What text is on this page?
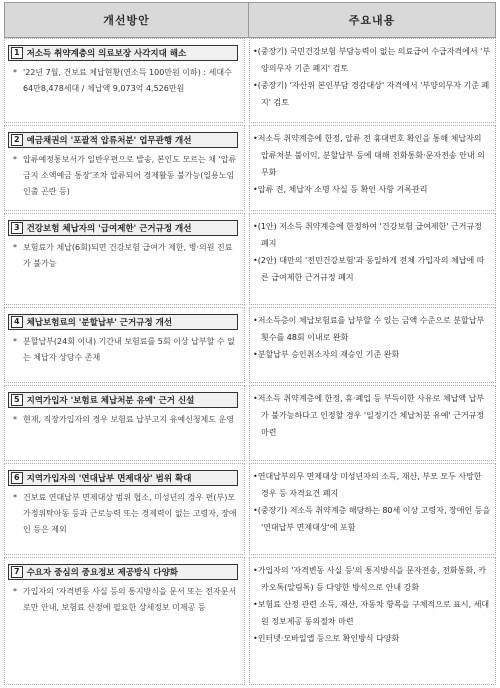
개선방안	주요내용
1 저소득 취약계층의 의료보장 사각지대 해소
* '22년 7월, 건보료 체납현황(연소득 100만원 이하) : 세대수 64만8,478세대 / 체납액 9,073억 4,526만원
•(중장기) 국민건강보험 부담능력이 없는 의료급여 수급자격에서 '부양의무자 기준 폐지' 검토
•(중장기) '자산위 본인부담 경감대상' 자격에서 '부양의무자 기준 폐지' 검토
2 예금채권의 '포괄적 압류처분' 업무관행 개선
* 압류예정통보서가 일반우편으로 발송, 본인도 모르는 채 '압류금지 소액예금 통장'조차 압류되어 경제활동 불가능(일용노임 인출 곤란 등)
•저소득 취약계층에 한정, 압류 전 휴대번호 확인을 통해 체납자의 압류처분 불이익, 분할납부 등에 대해 전화통화·문자전송 안내 의무화
•압류 전, 체납자 소명 사실 등 확인 사항 기록관리
3 건강보험 체납자의 '급여제한' 근거규정 개선
* 보험료가 체납(6회)되면 건강보험 급여가 제한, 병·의원 진료가 불가능
•(1안) 저소득 취약계층에 한정하여 '건강보험 급여제한' 근거규정 폐지
•(2안) 대만의 '전민건강보험'과 동일하게 전체 가입자의 체납에 따른 급여제한 근거규정 폐지
4 체납보험료의 '분할납부' 근거규정 개선
* 분할납부(24회 이내) 기간내 보험료를 5회 이상 납부할 수 없는 체납자 상당수 존재
•저소득층이 체납보험료를 납부할 수 있는 금액 수준으로 분할납부 횟수를 48회 이내로 완화
•분할납부 승인취소자의 재승인 기준 완화
5 지역가입자 '보험료 체납처분 유예' 근거 신설
* 현재, 직장가입자의 경우 보험료 납부고지 유예신청제도 운영
•저소득 취약계층에 한정, 휴·폐업 등 부득이한 사유로 체납액 납부가 불가능하다고 인정할 경우 '일정기간 체납처분 유예' 근거규정 마련
6 지역가입자의 '연대납부 면제대상' 범위 확대
* 건보료 연대납부 면제대상 범위 협소, 미성년의 경우 편(부)모 가정위탁아동 등과 근로능력 또는 경제력이 없는 고령자, 장애인 등은 제외
•연대납부의무 면제대상 미성년자의 소득, 재산, 부모 모두 사망한 경우 등 자격요건 폐지
•(중장기) 저소득 취약계층 해당하는 80세 이상 고령자, 장애인 등을 '연대납부 면제대상'에 포함
7 수요자 중심의 중요정보 제공방식 다양화
* 가입자의 '자격변동 사실 등의 통지방식을 문서 또는 전자문서로만 안내, 보험료 산정에 필요한 상세정보 미제공 등
•가입자의 '자격변동 사실 등'의 통지방식을 문자전송, 전화통화, 카카오톡(알림톡) 등 다양한 방식으로 안내 강화
•보험료 산정 관련 소득, 재산, 자동차 항목을 구체적으로 표시, 세대원 정보제공 동의절차 마련
•인터넷·모바일앱 등으로 확인방식 다양화
